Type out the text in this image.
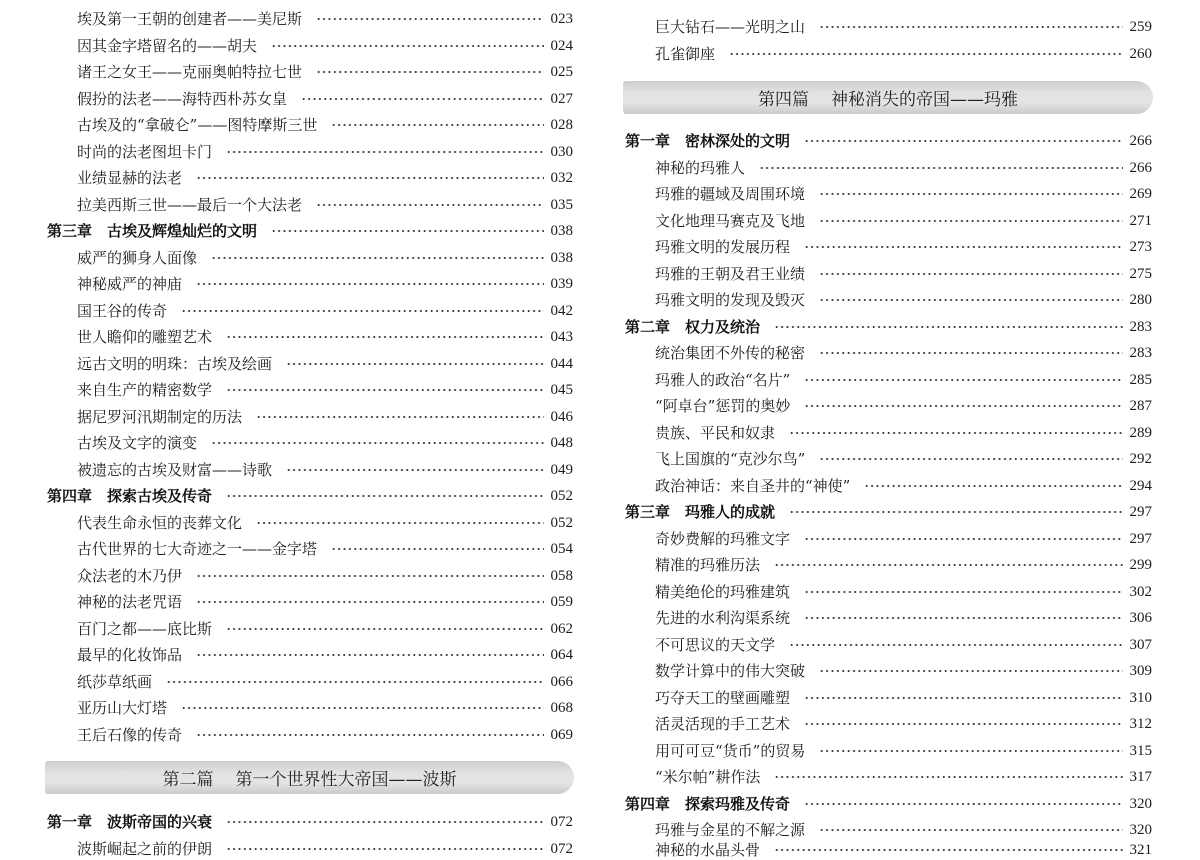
第二篇 第一个世界性大帝国——波斯
埃及第一王朝的创建者——美尼斯	023
因其金字塔留名的——胡夫	024
诸王之女王——克丽奥帕特拉七世	025
假扮的法老——海特西朴苏女皇	027
古埃及的“拿破仑”——图特摩斯三世	028
时尚的法老图坦卡门	030
业绩显赫的法老	032
拉美西斯三世——最后一个大法老	035
第三章 古埃及辉煌灿烂的文明	038
威严的狮身人面像	038
神秘威严的神庙	039
国王谷的传奇	042
世人瞻仰的雕塑艺术	043
远古文明的明珠：古埃及绘画	044
来自生产的精密数学	045
据尼罗河汛期制定的历法	046
古埃及文字的演变	048
被遗忘的古埃及财富——诗歌	049
第四章 探索古埃及传奇	052
代表生命永恒的丧葬文化	052
古代世界的七大奇迹之一——金字塔	054
众法老的木乃伊	058
神秘的法老咒语	059
百门之都——底比斯	062
最早的化妆饰品	064
纸莎草纸画	066
亚历山大灯塔	068
王后石像的传奇	069
第一章 波斯帝国的兴衰	072
波斯崛起之前的伊朗	072
第四篇 神秘消失的帝国——玛雅
巨大钻石——光明之山	259
孔雀御座	260
第一章 密林深处的文明	266
神秘的玛雅人	266
玛雅的疆域及周围环境	269
文化地理马赛克及飞地	271
玛雅文明的发展历程	273
玛雅的王朝及君王业绩	275
玛雅文明的发现及毁灭	280
第二章 权力及统治	283
统治集团不外传的秘密	283
玛雅人的政治“名片”	285
“阿卓台”惩罚的奥妙	287
贵族、平民和奴隶	289
飞上国旗的“克沙尔鸟”	292
政治神话：来自圣井的“神使”	294
第三章 玛雅人的成就	297
奇妙费解的玛雅文字	297
精准的玛雅历法	299
精美绝伦的玛雅建筑	302
先进的水利沟渠系统	306
不可思议的天文学	307
数学计算中的伟大突破	309
巧夺天工的壁画雕塑	310
活灵活现的手工艺术	312
用可可豆“货币”的贸易	315
“米尔帕”耕作法	317
第四章 探索玛雅及传奇	320
玛雅与金星的不解之源	320
神秘的水晶头骨	321
